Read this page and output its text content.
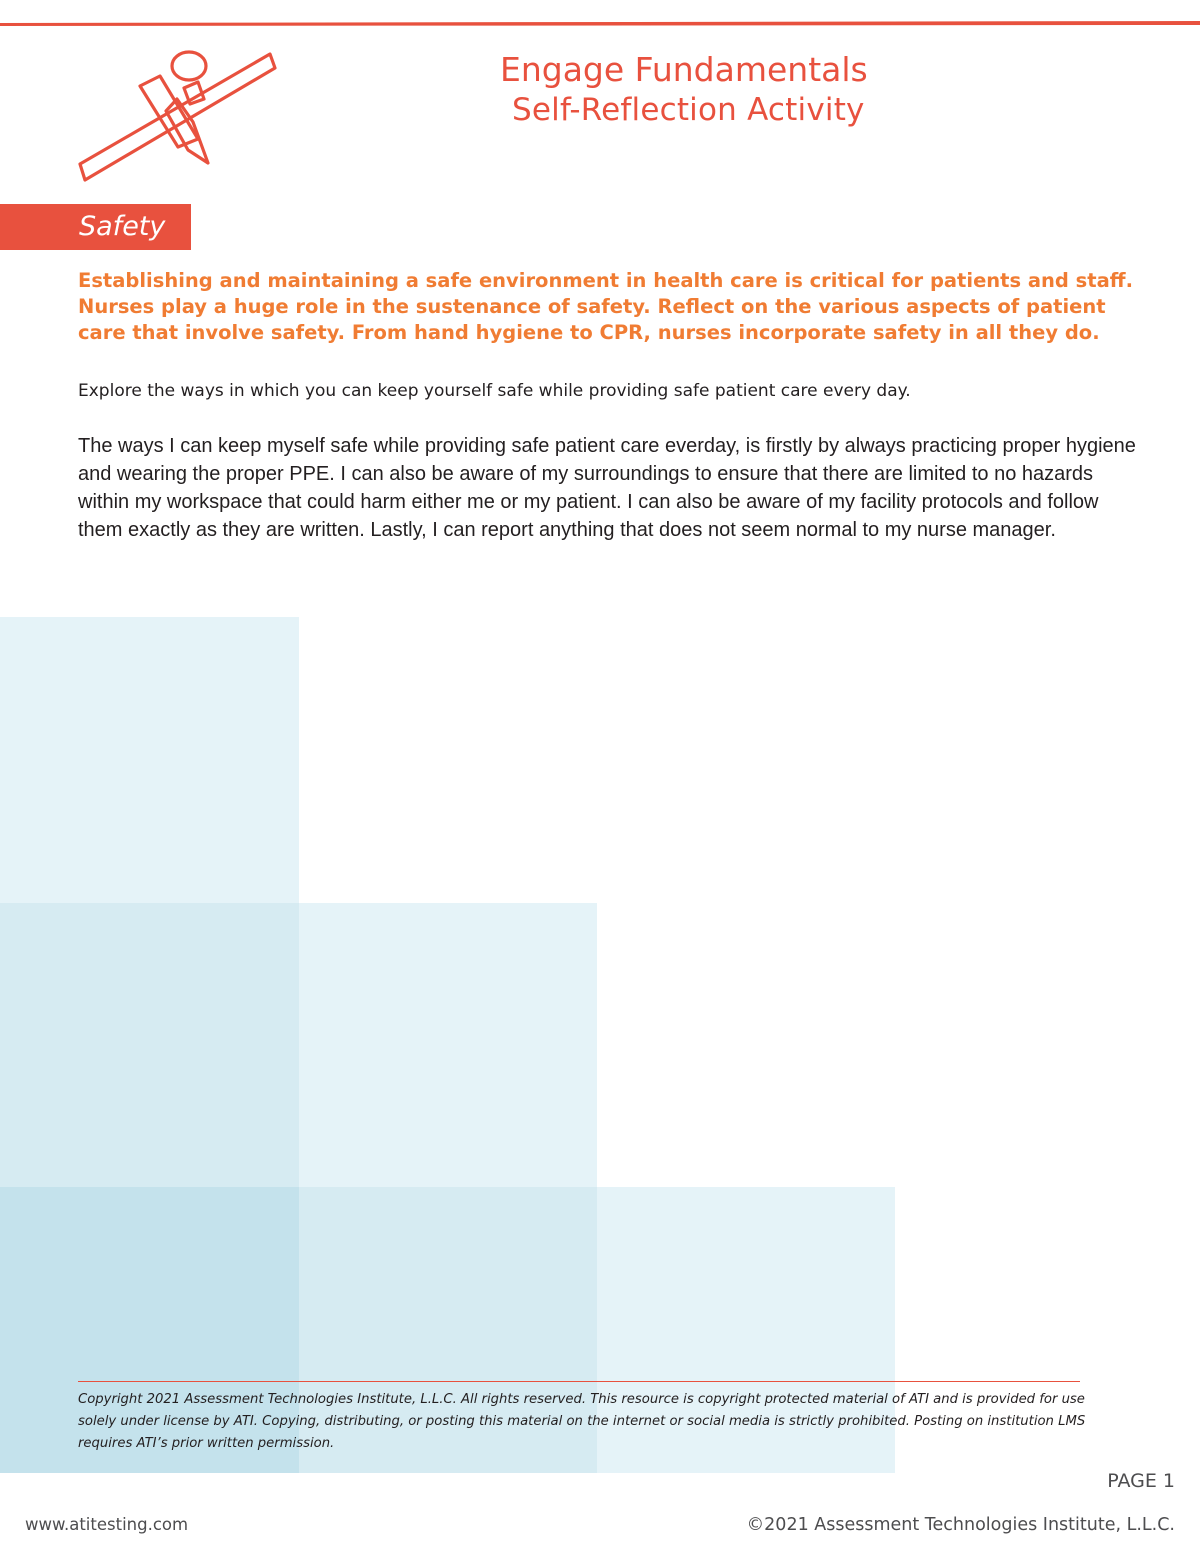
Engage Fundamentals
Self-Reflection Activity
Safety

Establishing and maintaining a safe environment in health care is critical for patients and staff. Nurses play a huge role in the sustenance of safety. Reflect on the various aspects of patient care that involve safety. From hand hygiene to CPR, nurses incorporate safety in all they do.

Explore the ways in which you can keep yourself safe while providing safe patient care every day.

The ways I can keep myself safe while providing safe patient care everday, is firstly by always practicing proper hygiene and wearing the proper PPE. I can also be aware of my surroundings to ensure that there are limited to no hazards within my workspace that could harm either me or my patient. I can also be aware of my facility protocols and follow them exactly as they are written. Lastly, I can report anything that does not seem normal to my nurse manager.

Copyright 2021 Assessment Technologies Institute, L.L.C. All rights reserved. This resource is copyright protected material of ATI and is provided for use solely under license by ATI. Copying, distributing, or posting this material on the internet or social media is strictly prohibited. Posting on institution LMS requires ATI’s prior written permission.

PAGE 1
www.atitesting.com	©2021 Assessment Technologies Institute, L.L.C.
